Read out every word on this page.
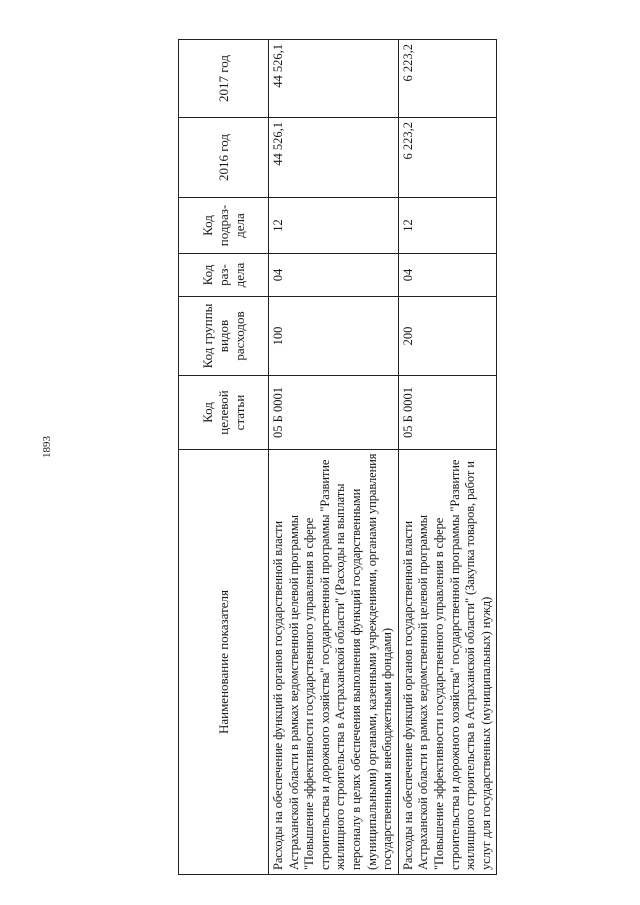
1893
Наименование показателя	Код целевой статьи	Код группы видов расходов	Код раз-дела	Код подраз-дела	2016 год	2017 год
Расходы на обеспечение функций органов государственной власти Астраханской области в рамках ведомственной целевой программы "Повышение эффективности государственного управления в сфере строительства и дорожного хозяйства" государственной программы "Развитие жилищного строительства в Астраханской области" (Расходы на выплаты персоналу в целях обеспечения выполнения функций государственными (муниципальными) органами, казенными учреждениями, органами управления государственными внебюджетными фондами)	05 Б 0001	100	04	12	44 526,1	44 526,1
Расходы на обеспечение функций органов государственной власти Астраханской области в рамках ведомственной целевой программы "Повышение эффективности государственного управления в сфере строительства и дорожного хозяйства" государственной программы "Развитие жилищного строительства в Астраханской области" (Закупка товаров, работ и услуг для государственных (муниципальных) нужд)	05 Б 0001	200	04	12	6 223,2	6 223,2
